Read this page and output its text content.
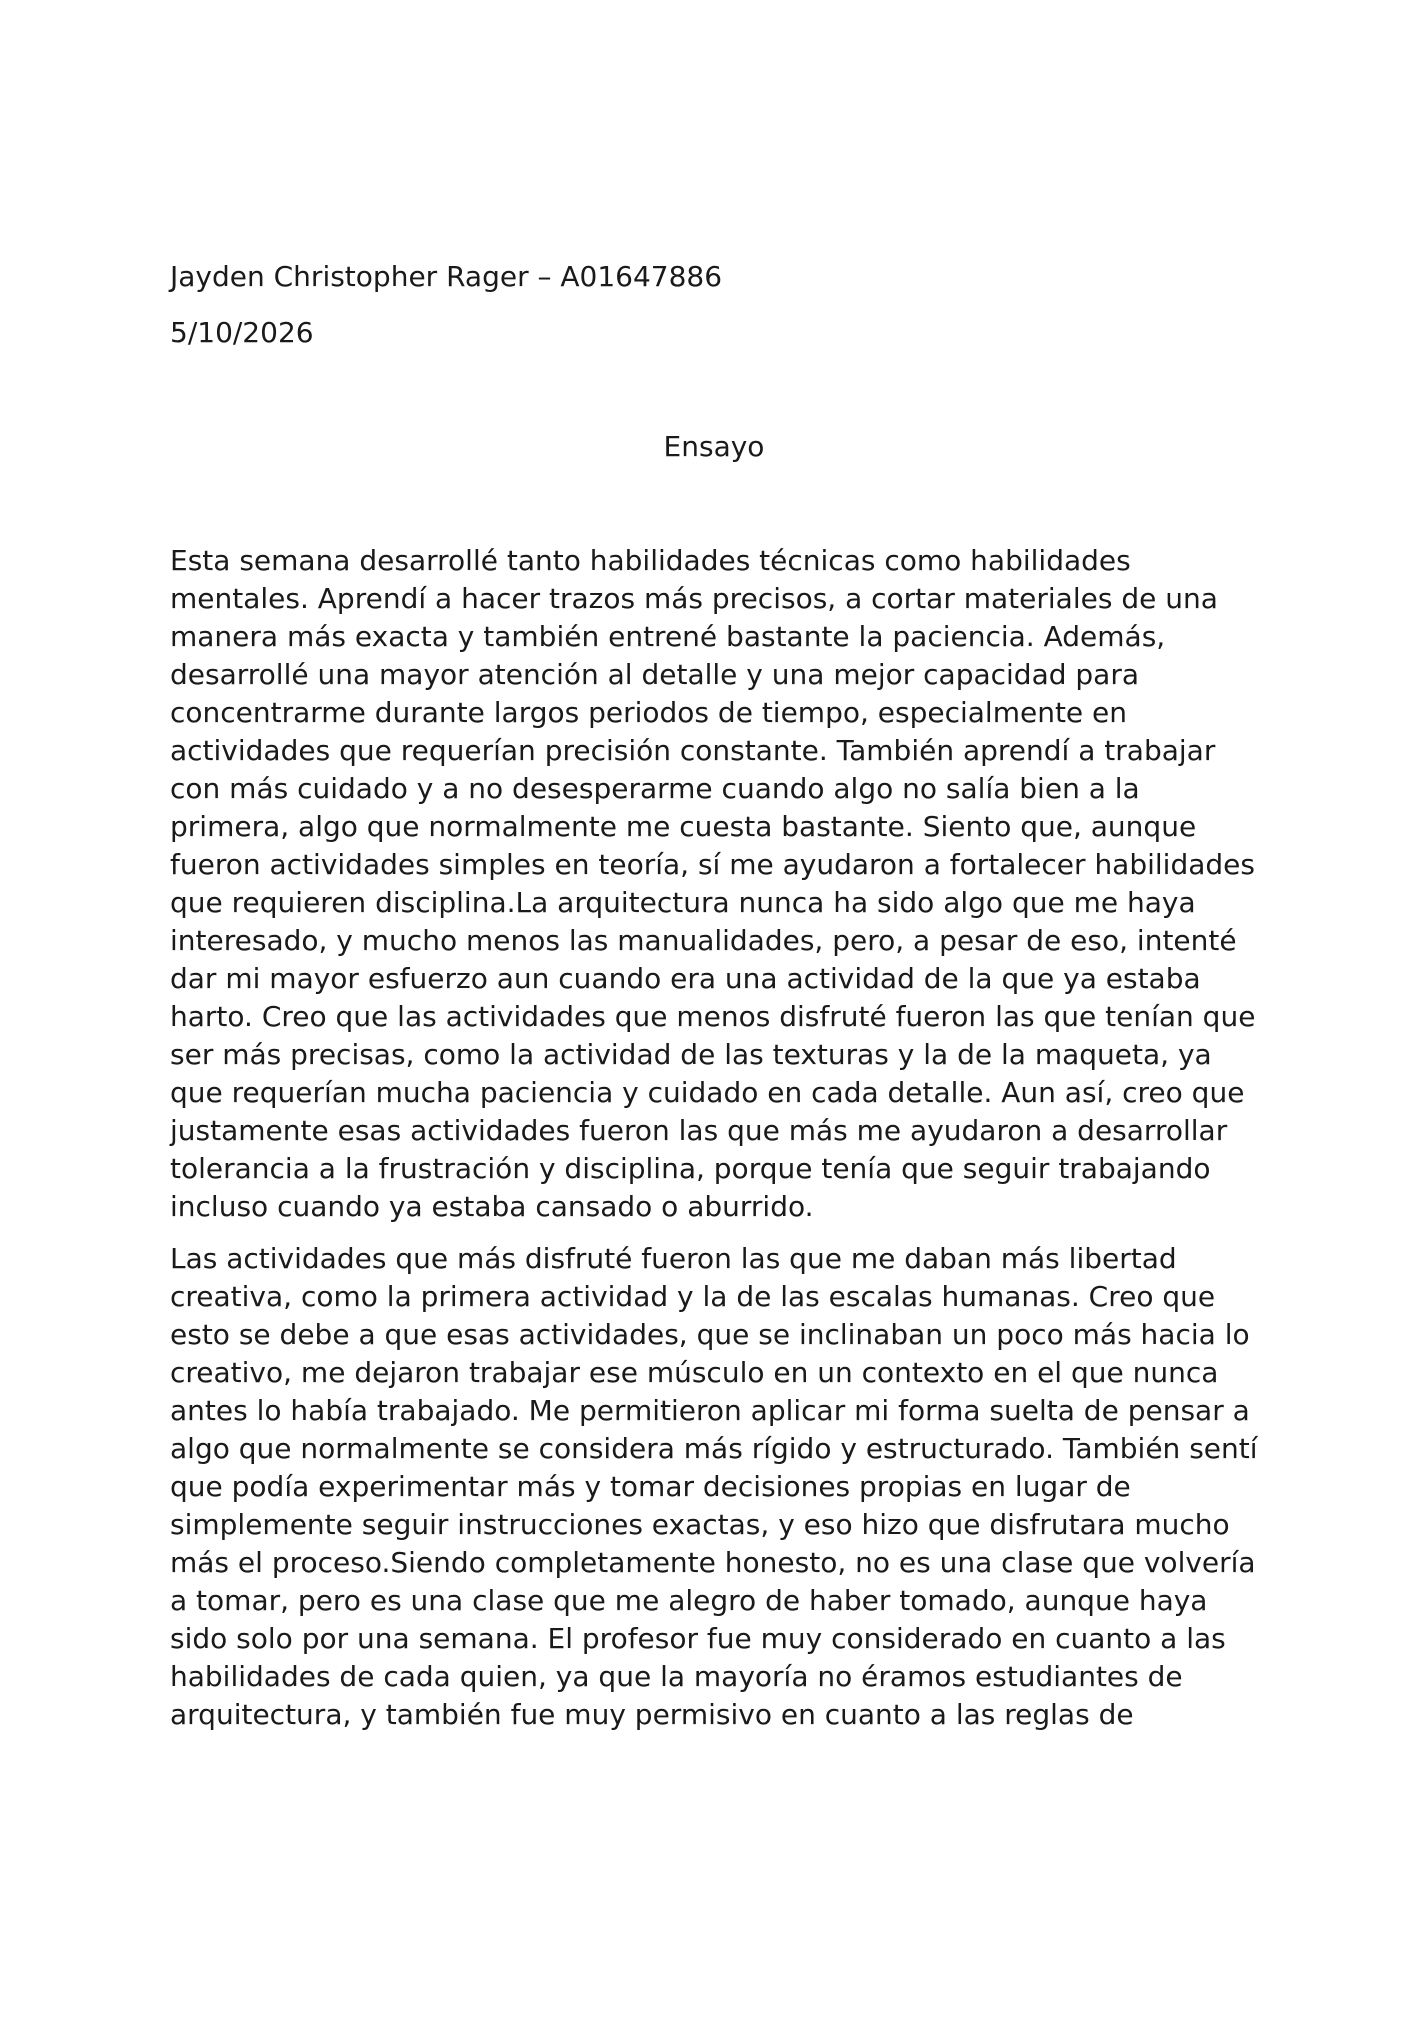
Jayden Christopher Rager – A01647886
5/10/2026
Ensayo
Esta semana desarrollé tanto habilidades técnicas como habilidades
mentales. Aprendí a hacer trazos más precisos, a cortar materiales de una
manera más exacta y también entrené bastante la paciencia. Además,
desarrollé una mayor atención al detalle y una mejor capacidad para
concentrarme durante largos periodos de tiempo, especialmente en
actividades que requerían precisión constante. También aprendí a trabajar
con más cuidado y a no desesperarme cuando algo no salía bien a la
primera, algo que normalmente me cuesta bastante. Siento que, aunque
fueron actividades simples en teoría, sí me ayudaron a fortalecer habilidades
que requieren disciplina.La arquitectura nunca ha sido algo que me haya
interesado, y mucho menos las manualidades, pero, a pesar de eso, intenté
dar mi mayor esfuerzo aun cuando era una actividad de la que ya estaba
harto. Creo que las actividades que menos disfruté fueron las que tenían que
ser más precisas, como la actividad de las texturas y la de la maqueta, ya
que requerían mucha paciencia y cuidado en cada detalle. Aun así, creo que
justamente esas actividades fueron las que más me ayudaron a desarrollar
tolerancia a la frustración y disciplina, porque tenía que seguir trabajando
incluso cuando ya estaba cansado o aburrido.
Las actividades que más disfruté fueron las que me daban más libertad
creativa, como la primera actividad y la de las escalas humanas. Creo que
esto se debe a que esas actividades, que se inclinaban un poco más hacia lo
creativo, me dejaron trabajar ese músculo en un contexto en el que nunca
antes lo había trabajado. Me permitieron aplicar mi forma suelta de pensar a
algo que normalmente se considera más rígido y estructurado. También sentí
que podía experimentar más y tomar decisiones propias en lugar de
simplemente seguir instrucciones exactas, y eso hizo que disfrutara mucho
más el proceso.Siendo completamente honesto, no es una clase que volvería
a tomar, pero es una clase que me alegro de haber tomado, aunque haya
sido solo por una semana. El profesor fue muy considerado en cuanto a las
habilidades de cada quien, ya que la mayoría no éramos estudiantes de
arquitectura, y también fue muy permisivo en cuanto a las reglas de
